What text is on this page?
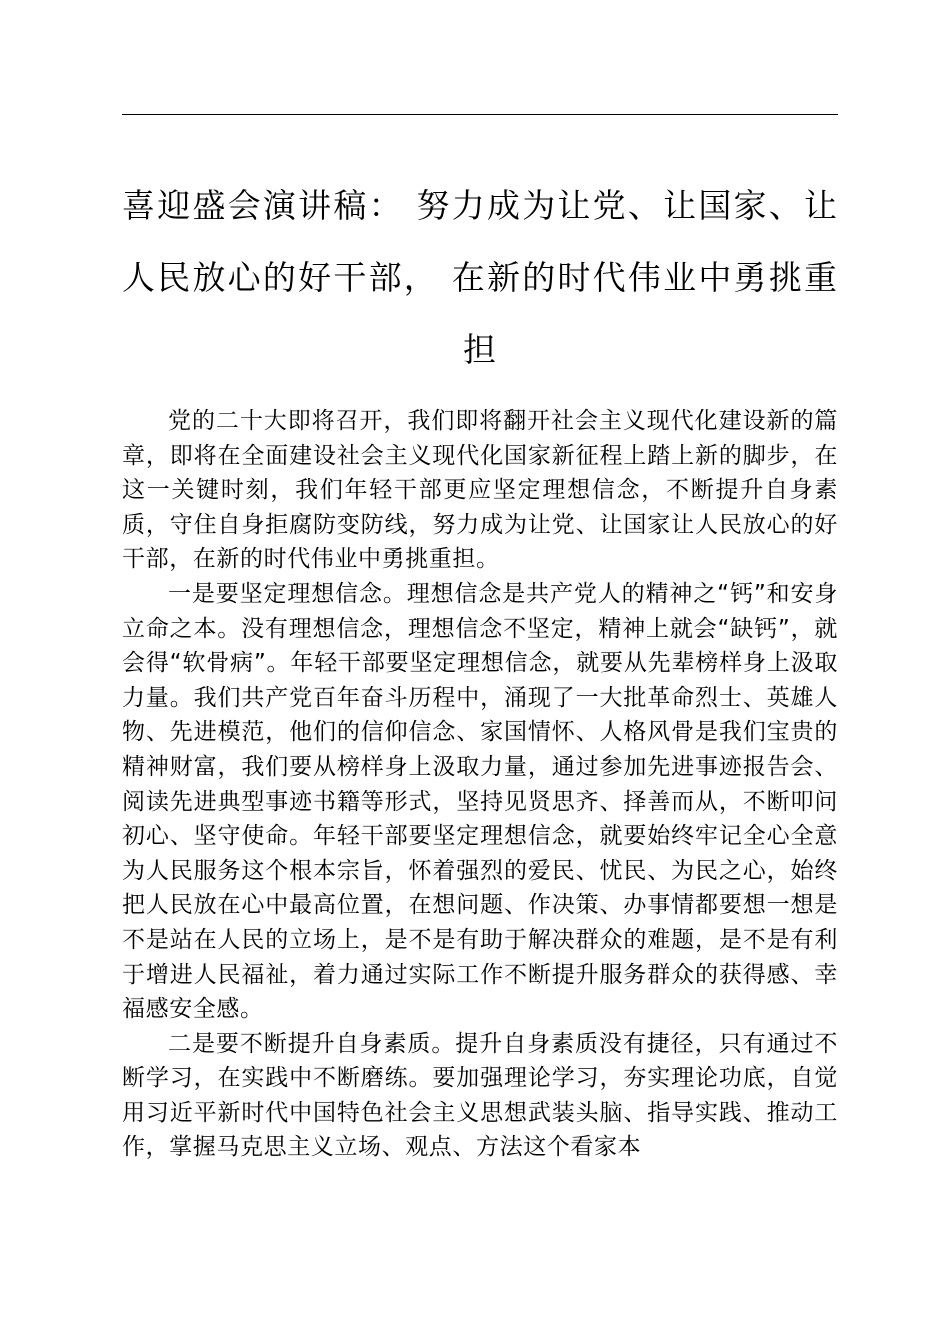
喜迎盛会演讲稿： 努力成为让党、让国家、让人民放心的好干部， 在新的时代伟业中勇挑重担

党的二十大即将召开，我们即将翻开社会主义现代化建设新的篇章，即将在全面建设社会主义现代化国家新征程上踏上新的脚步，在这一关键时刻，我们年轻干部更应坚定理想信念，不断提升自身素质，守住自身拒腐防变防线，努力成为让党、让国家让人民放心的好干部，在新的时代伟业中勇挑重担。

一是要坚定理想信念。理想信念是共产党人的精神之“钙”和安身立命之本。没有理想信念，理想信念不坚定，精神上就会“缺钙”，就会得“软骨病”。年轻干部要坚定理想信念，就要从先辈榜样身上汲取力量。我们共产党百年奋斗历程中，涌现了一大批革命烈士、英雄人物、先进模范，他们的信仰信念、家国情怀、人格风骨是我们宝贵的精神财富，我们要从榜样身上汲取力量，通过参加先进事迹报告会、阅读先进典型事迹书籍等形式，坚持见贤思齐、择善而从，不断叩问初心、坚守使命。年轻干部要坚定理想信念，就要始终牢记全心全意为人民服务这个根本宗旨，怀着强烈的爱民、忧民、为民之心，始终把人民放在心中最高位置，在想问题、作决策、办事情都要想一想是不是站在人民的立场上，是不是有助于解决群众的难题，是不是有利于增进人民福祉，着力通过实际工作不断提升服务群众的获得感、幸福感安全感。

二是要不断提升自身素质。提升自身素质没有捷径，只有通过不断学习，在实践中不断磨练。要加强理论学习，夯实理论功底，自觉用习近平新时代中国特色社会主义思想武装头脑、指导实践、推动工作，掌握马克思主义立场、观点、方法这个看家本
